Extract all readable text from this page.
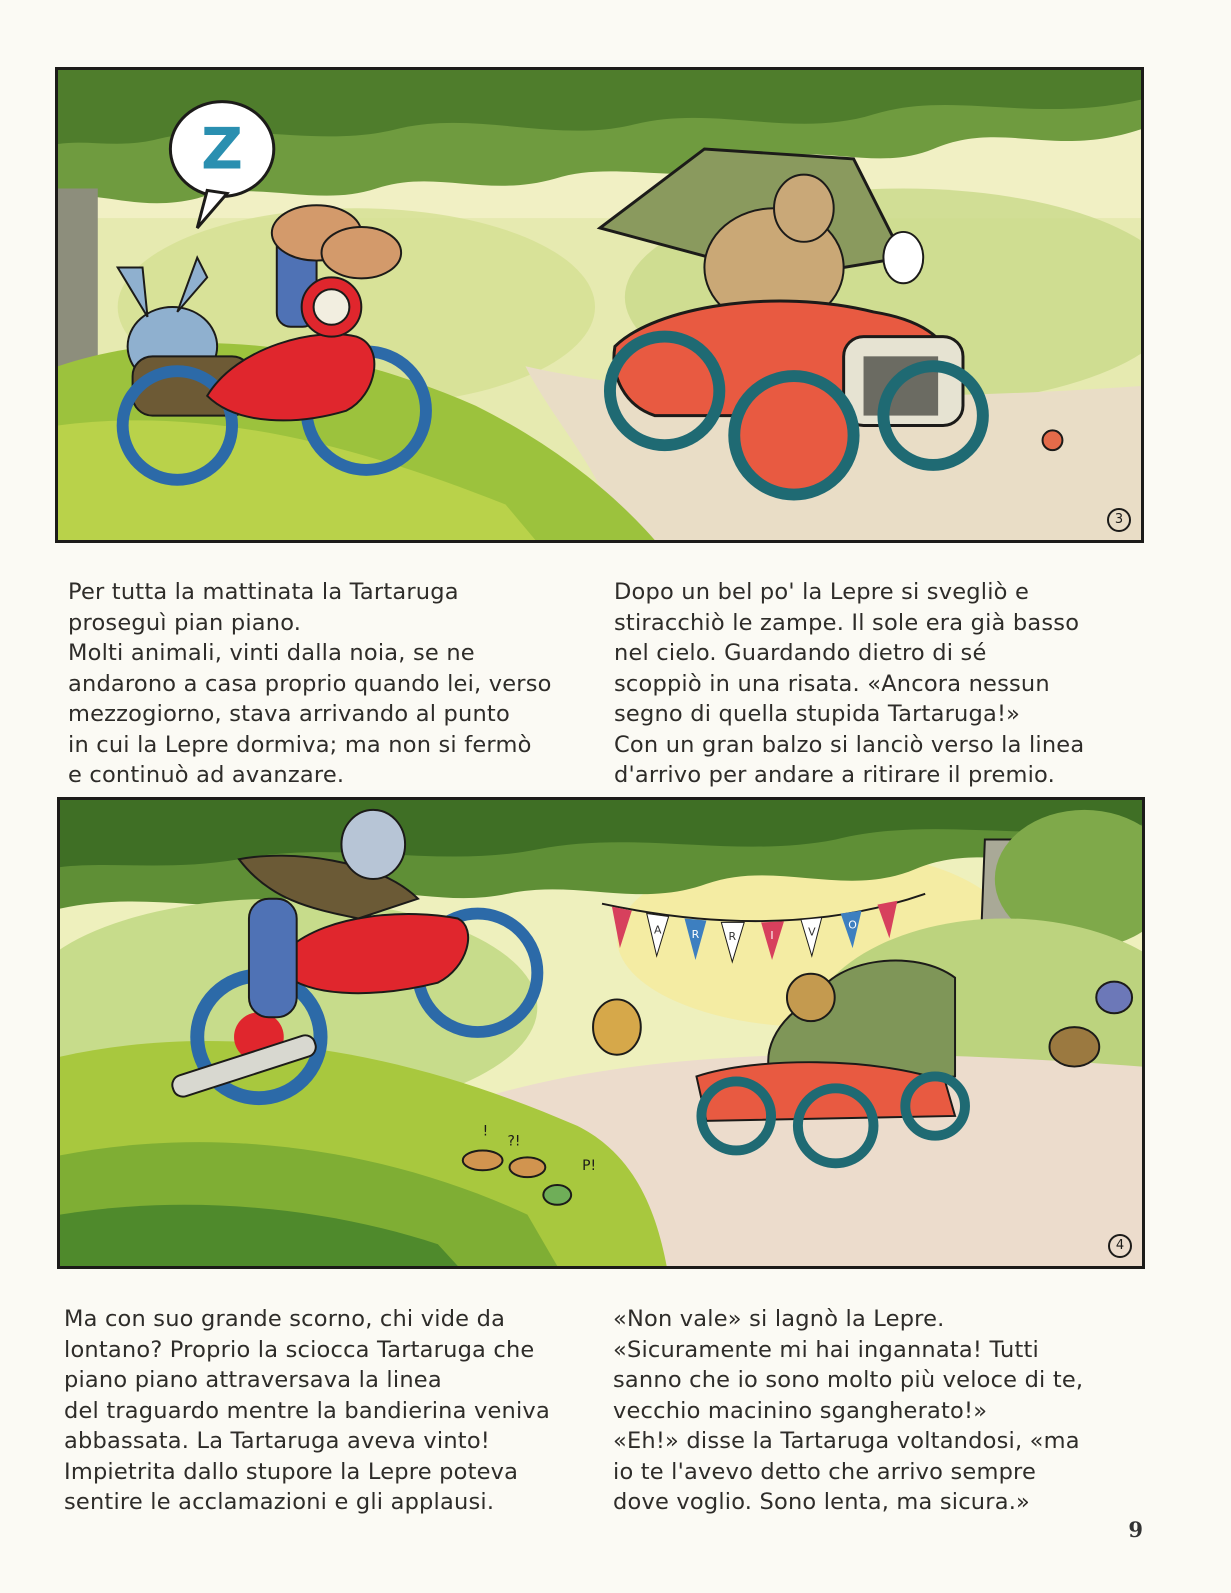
Z
3

Per tutta la mattinata la Tartaruga

proseguì pian piano.

Molti animali, vinti dalla noia, se ne

andarono a casa proprio quando lei, verso

mezzogiorno, stava arrivando al punto

in cui la Lepre dormiva; ma non si fermò

e continuò ad avanzare.

Dopo un bel po' la Lepre si svegliò e

stiracchiò le zampe. Il sole era già basso

nel cielo. Guardando dietro di sé

scoppiò in una risata. «Ancora nessun

segno di quella stupida Tartaruga!»

Con un gran balzo si lanciò verso la linea

d'arrivo per andare a ritirare il premio.

A	R	R	I	V
O
!
?!
P!
4

Ma con suo grande scorno, chi vide da

lontano? Proprio la sciocca Tartaruga che

piano piano attraversava la linea

del traguardo mentre la bandierina veniva

abbassata. La Tartaruga aveva vinto!

Impietrita dallo stupore la Lepre poteva

sentire le acclamazioni e gli applausi.

«Non vale» si lagnò la Lepre.

«Sicuramente mi hai ingannata! Tutti

sanno che io sono molto più veloce di te,

vecchio macinino sgangherato!»

«Eh!» disse la Tartaruga voltandosi, «ma

io te l'avevo detto che arrivo sempre

dove voglio. Sono lenta, ma sicura.»

9
